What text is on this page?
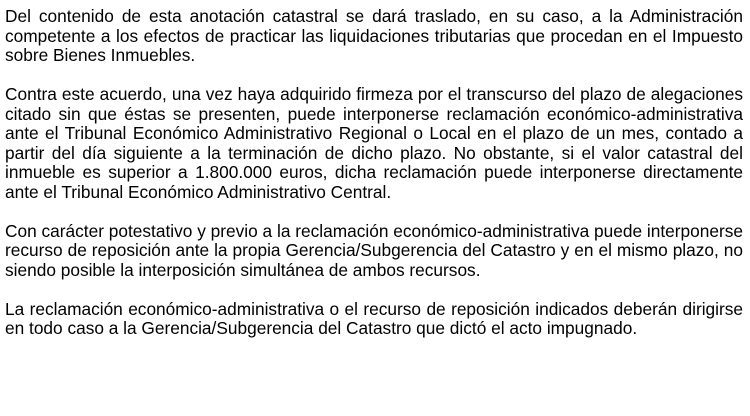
Del contenido de esta anotación catastral se dará traslado, en su caso, a la Administración competente a los efectos de practicar las liquidaciones tributarias que procedan en el Impuesto sobre Bienes Inmuebles.

Contra este acuerdo, una vez haya adquirido firmeza por el transcurso del plazo de alegaciones citado sin que éstas se presenten, puede interponerse reclamación económico-administrativa ante el Tribunal Económico Administrativo Regional o Local en el plazo de un mes, contado a partir del día siguiente a la terminación de dicho plazo. No obstante, si el valor catastral del inmueble es superior a 1.800.000 euros, dicha reclamación puede interponerse directamente ante el Tribunal Económico Administrativo Central.

Con carácter potestativo y previo a la reclamación económico-administrativa puede interponerse recurso de reposición ante la propia Gerencia/Subgerencia del Catastro y en el mismo plazo, no siendo posible la interposición simultánea de ambos recursos.

La reclamación económico-administrativa o el recurso de reposición indicados deberán dirigirse en todo caso a la Gerencia/Subgerencia del Catastro que dictó el acto impugnado.
